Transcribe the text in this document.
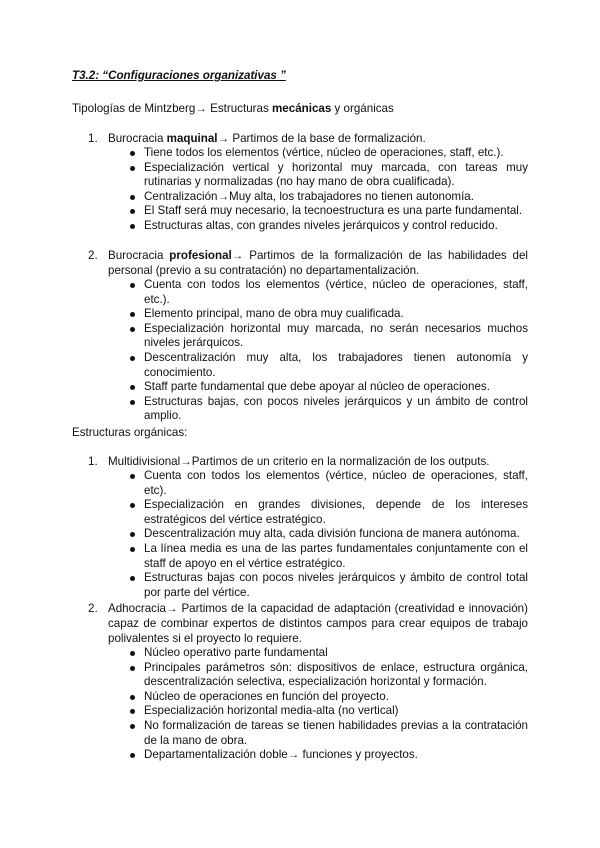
T3.2: “Configuraciones organizativas ”
Tipologías de Mintzberg→ Estructuras mecánicas y orgánicas
1. Burocracia maquinal→ Partimos de la base de formalización.
Tiene todos los elementos (vértice, núcleo de operaciones, staff, etc.).
Especialización vertical y horizontal muy marcada, con tareas muy rutinarias y normalizadas (no hay mano de obra cualificada).
Centralización→Muy alta, los trabajadores no tienen autonomía.
El Staff será muy necesario, la tecnoestructura es una parte fundamental.
Estructuras altas, con grandes niveles jerárquicos y control reducido.
2. Burocracia profesional→ Partimos de la formalización de las habilidades del personal (previo a su contratación) no departamentalización.
Cuenta con todos los elementos (vértice, núcleo de operaciones, staff, etc.).
Elemento principal, mano de obra muy cualificada.
Especialización horizontal muy marcada, no serán necesarios muchos niveles jerárquicos.
Descentralización muy alta, los trabajadores tienen autonomía y conocimiento.
Staff parte fundamental que debe apoyar al núcleo de operaciones.
Estructuras bajas, con pocos niveles jerárquicos y un ámbito de control amplio.
Estructuras orgánicas:
1. Multidivisional→Partimos de un criterio en la normalización de los outputs.
Cuenta con todos los elementos (vértice, núcleo de operaciones, staff, etc).
Especialización en grandes divisiones, depende de los intereses estratégicos del vértice estratégico.
Descentralización muy alta, cada división funciona de manera autónoma.
La línea media es una de las partes fundamentales conjuntamente con el staff de apoyo en el vértice estratégico.
Estructuras bajas con pocos niveles jerárquicos y ámbito de control total por parte del vértice.
2. Adhocracia→ Partimos de la capacidad de adaptación (creatividad e innovación) capaz de combinar expertos de distintos campos para crear equipos de trabajo polivalentes si el proyecto lo requiere.
Núcleo operativo parte fundamental
Principales parámetros són: dispositivos de enlace, estructura orgánica, descentralización selectiva, especialización horizontal y formación.
Núcleo de operaciones en función del proyecto.
Especialización horizontal media-alta (no vertical)
No formalización de tareas se tienen habilidades previas a la contratación de la mano de obra.
Departamentalización doble→ funciones y proyectos.
